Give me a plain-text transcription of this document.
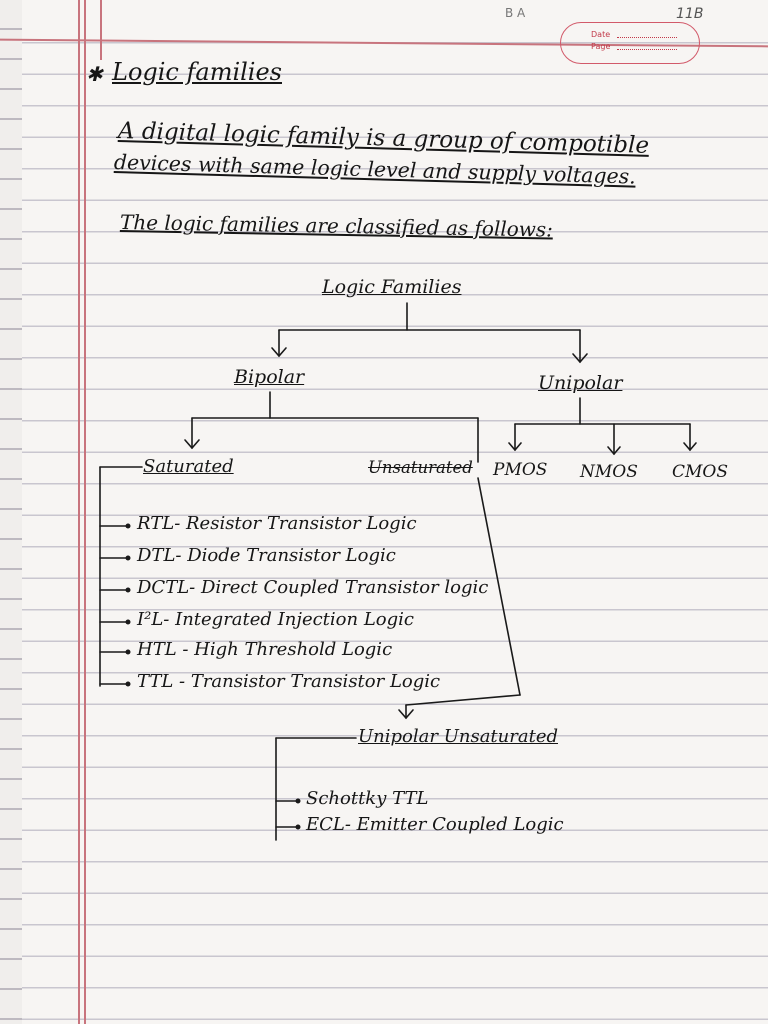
B A	11B
Date
Page
✱ Logic families
A digital logic family is a group of compotible
devices with same logic level and supply voltages.
The logic families are classified as follows:
Logic Families
Bipolar	Unipolar
Saturated	Unsaturated PMOS NMOS CMOS
RTL- Resistor Transistor Logic
DTL- Diode Transistor Logic
DCTL- Direct Coupled Transistor logic
I²L- Integrated Injection Logic
HTL - High Threshold Logic
TTL - Transistor Transistor Logic
Unipolar Unsaturated
Schottky TTL
ECL- Emitter Coupled Logic
